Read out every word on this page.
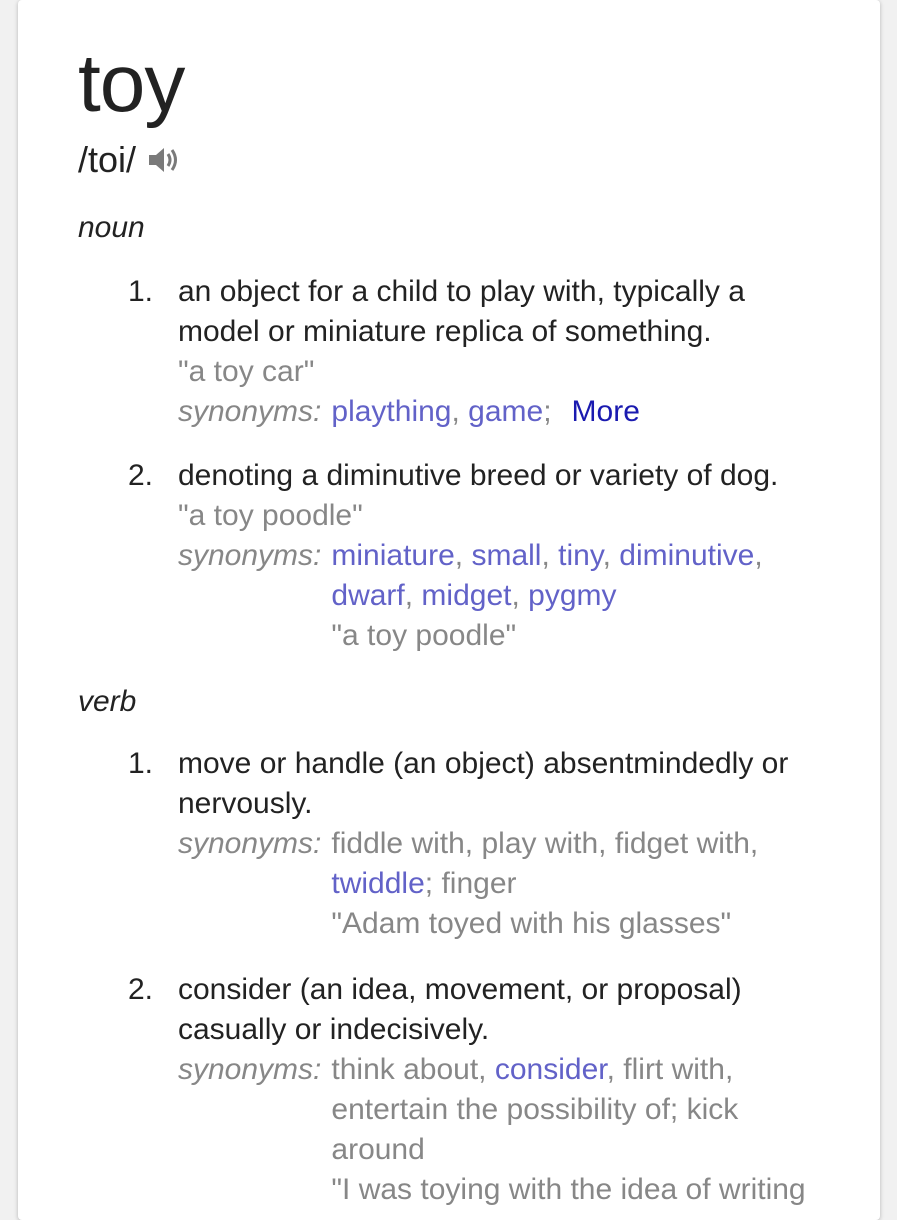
toy
/toi/
noun
1. an object for a child to play with, typically a
model or miniature replica of something.
"a toy car"
synonyms: plaything, game; More
2. denoting a diminutive breed or variety of dog.
"a toy poodle"
synonyms: miniature, small, tiny, diminutive,
dwarf, midget, pygmy
"a toy poodle"
verb
1. move or handle (an object) absentmindedly or
nervously.
synonyms: fiddle with, play with, fidget with,
twiddle; finger
"Adam toyed with his glasses"
2. consider (an idea, movement, or proposal)
casually or indecisively.
synonyms: think about, consider, flirt with,
entertain the possibility of; kick
around
"I was toying with the idea of writing
